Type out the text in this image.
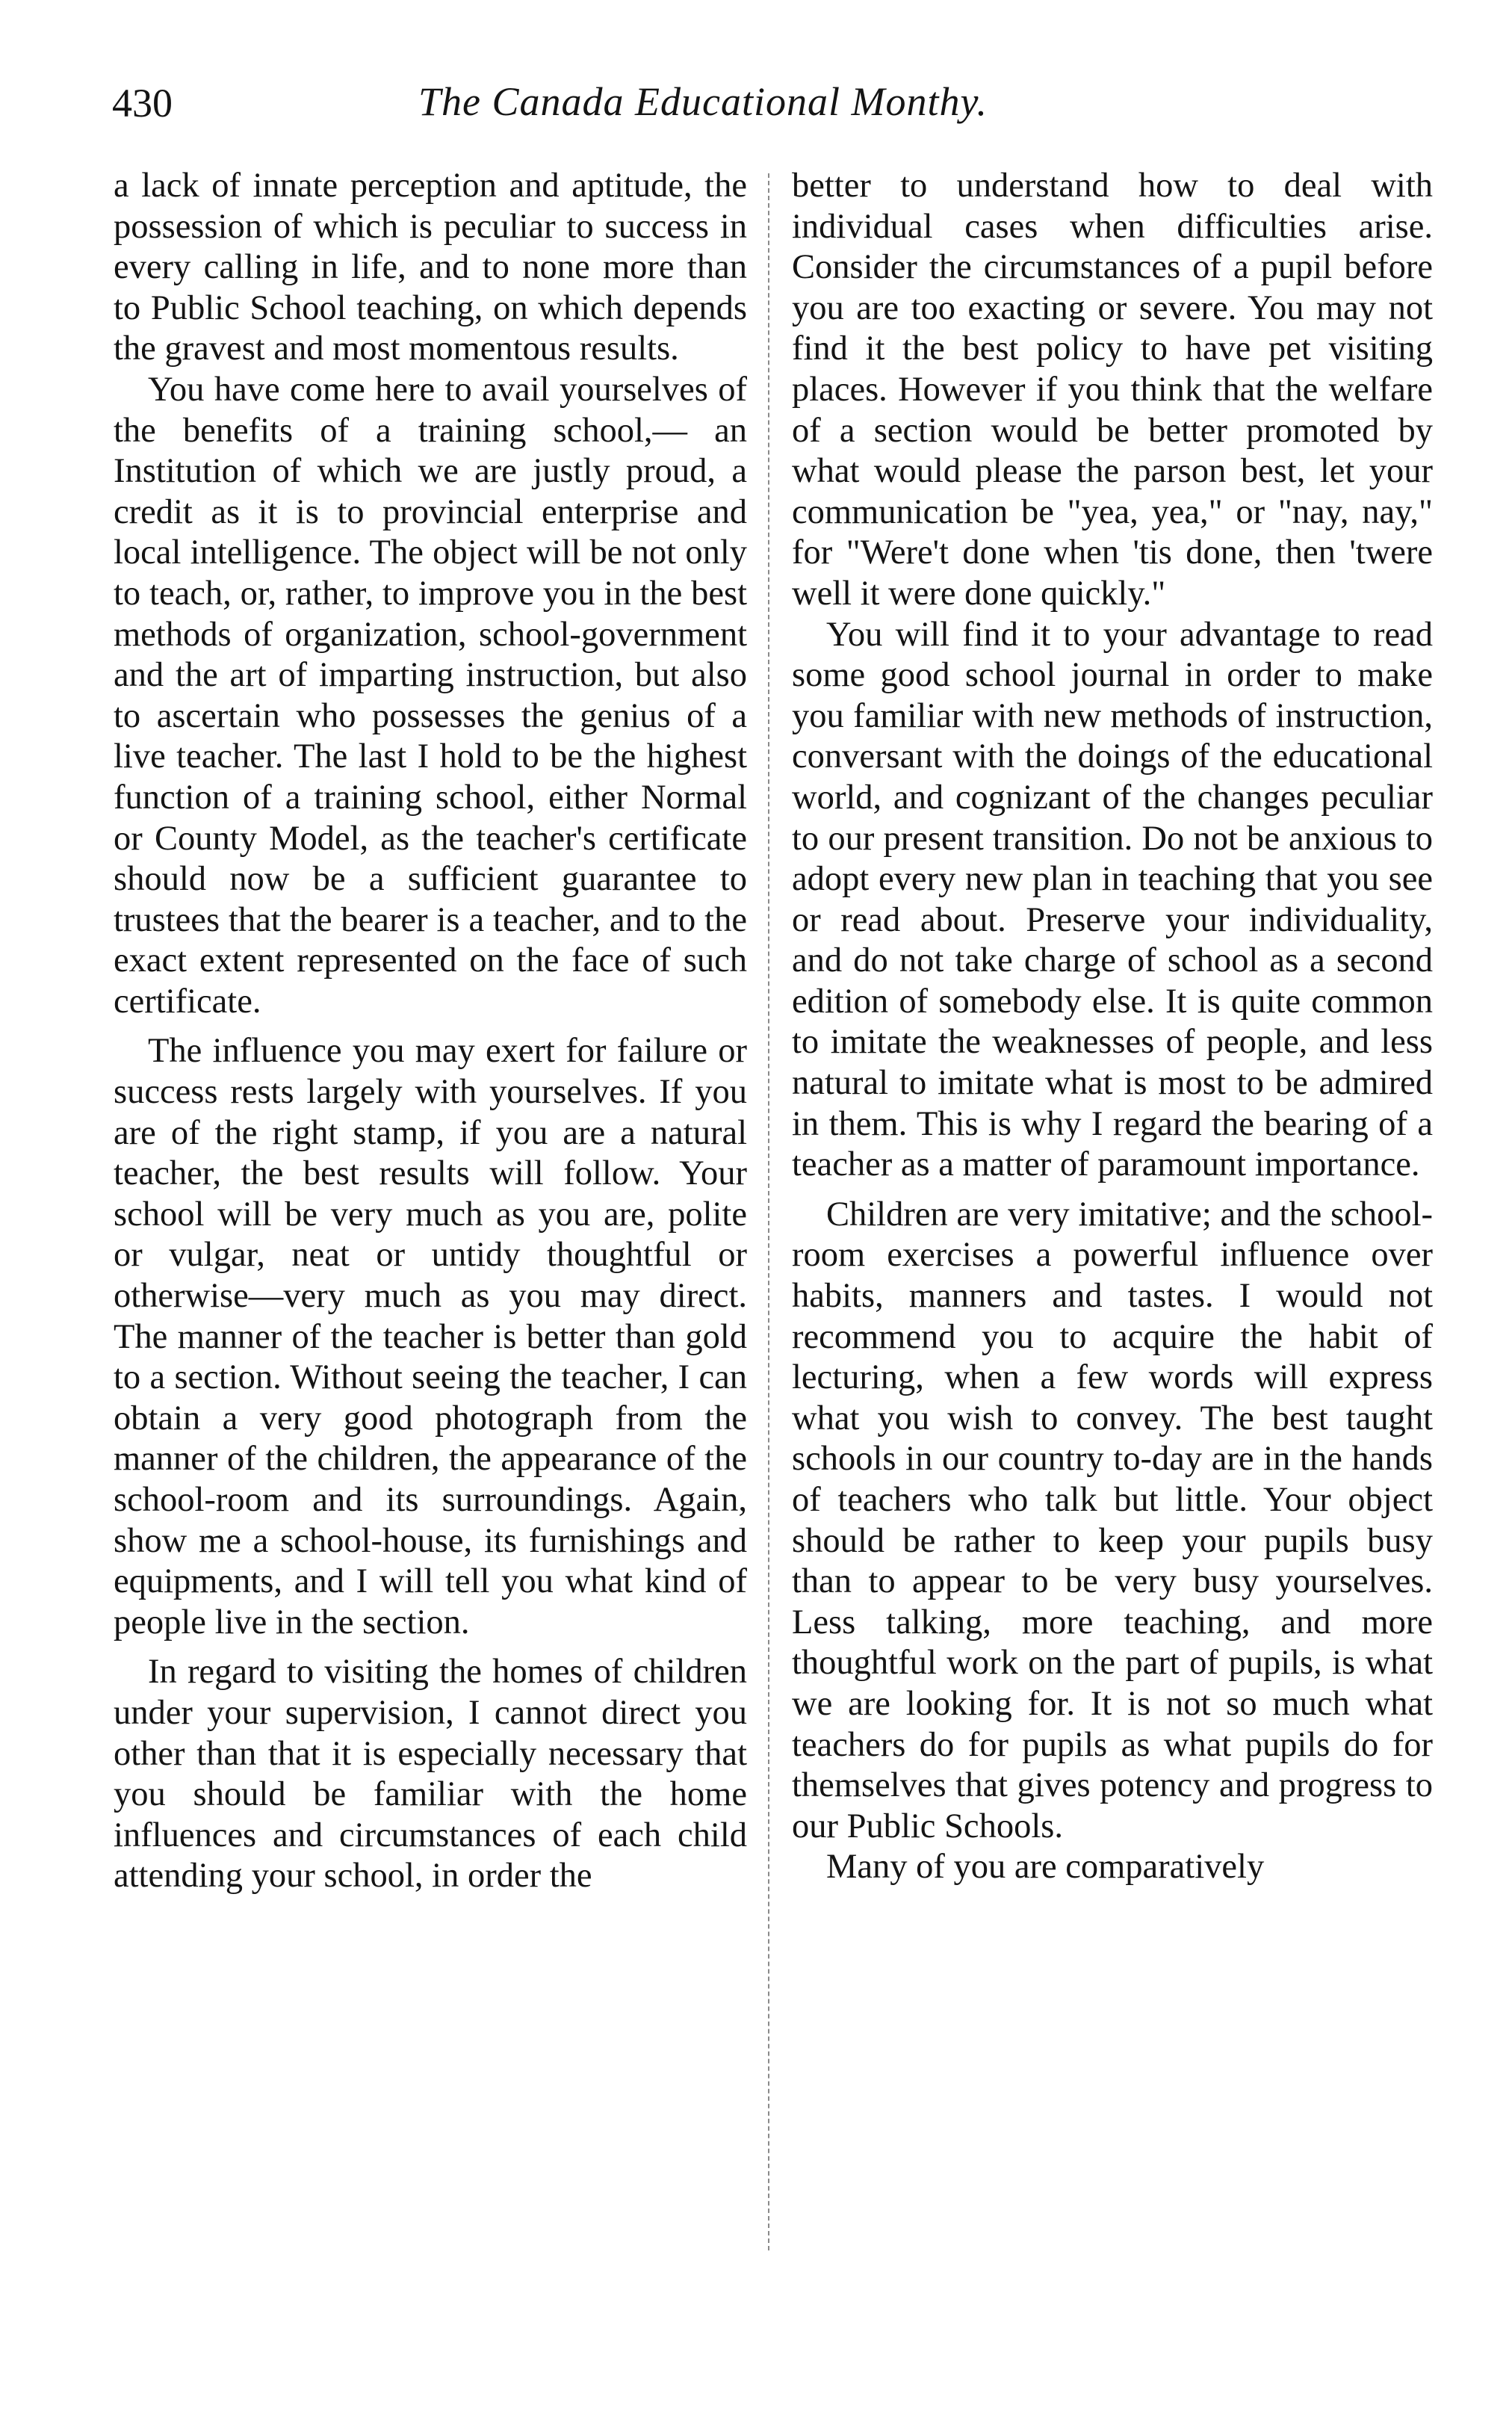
430	The Canada Educational Monthy.

a lack of innate perception and aptitude, the possession of which is peculiar to success in every calling in life, and to none more than to Public School teaching, on which depends the gravest and most momentous results.

You have come here to avail yourselves of the benefits of a training school,— an Institution of which we are justly proud, a credit as it is to provincial enterprise and local intelligence. The object will be not only to teach, or, rather, to improve you in the best methods of organization, school-government and the art of imparting instruction, but also to ascertain who possesses the genius of a live teacher. The last I hold to be the highest function of a training school, either Normal or County Model, as the teacher's certificate should now be a sufficient guarantee to trustees that the bearer is a teacher, and to the exact extent represented on the face of such certificate.

The influence you may exert for failure or success rests largely with yourselves. If you are of the right stamp, if you are a natural teacher, the best results will follow. Your school will be very much as you are, polite or vulgar, neat or untidy thoughtful or otherwise—very much as you may direct. The manner of the teacher is better than gold to a section. Without seeing the teacher, I can obtain a very good photograph from the manner of the children, the appearance of the school-room and its surroundings. Again, show me a school-house, its furnishings and equipments, and I will tell you what kind of people live in the section.

In regard to visiting the homes of children under your supervision, I cannot direct you other than that it is especially necessary that you should be familiar with the home influences and circumstances of each child attending your school, in order the

better to understand how to deal with individual cases when difficulties arise. Consider the circumstances of a pupil before you are too exacting or severe. You may not find it the best policy to have pet visiting places. However if you think that the welfare of a section would be better promoted by what would please the parson best, let your communication be "yea, yea," or "nay, nay," for "Were't done when 'tis done, then 'twere well it were done quickly."

You will find it to your advantage to read some good school journal in order to make you familiar with new methods of instruction, conversant with the doings of the educational world, and cognizant of the changes peculiar to our present transition. Do not be anxious to adopt every new plan in teaching that you see or read about. Preserve your individuality, and do not take charge of school as a second edition of somebody else. It is quite common to imitate the weaknesses of people, and less natural to imitate what is most to be admired in them. This is why I regard the bearing of a teacher as a matter of paramount importance.

Children are very imitative; and the school-room exercises a powerful influence over habits, manners and tastes. I would not recommend you to acquire the habit of lecturing, when a few words will express what you wish to convey. The best taught schools in our country to-day are in the hands of teachers who talk but little. Your object should be rather to keep your pupils busy than to appear to be very busy yourselves. Less talking, more teaching, and more thoughtful work on the part of pupils, is what we are looking for. It is not so much what teachers do for pupils as what pupils do for themselves that gives potency and progress to our Public Schools.

Many of you are comparatively
